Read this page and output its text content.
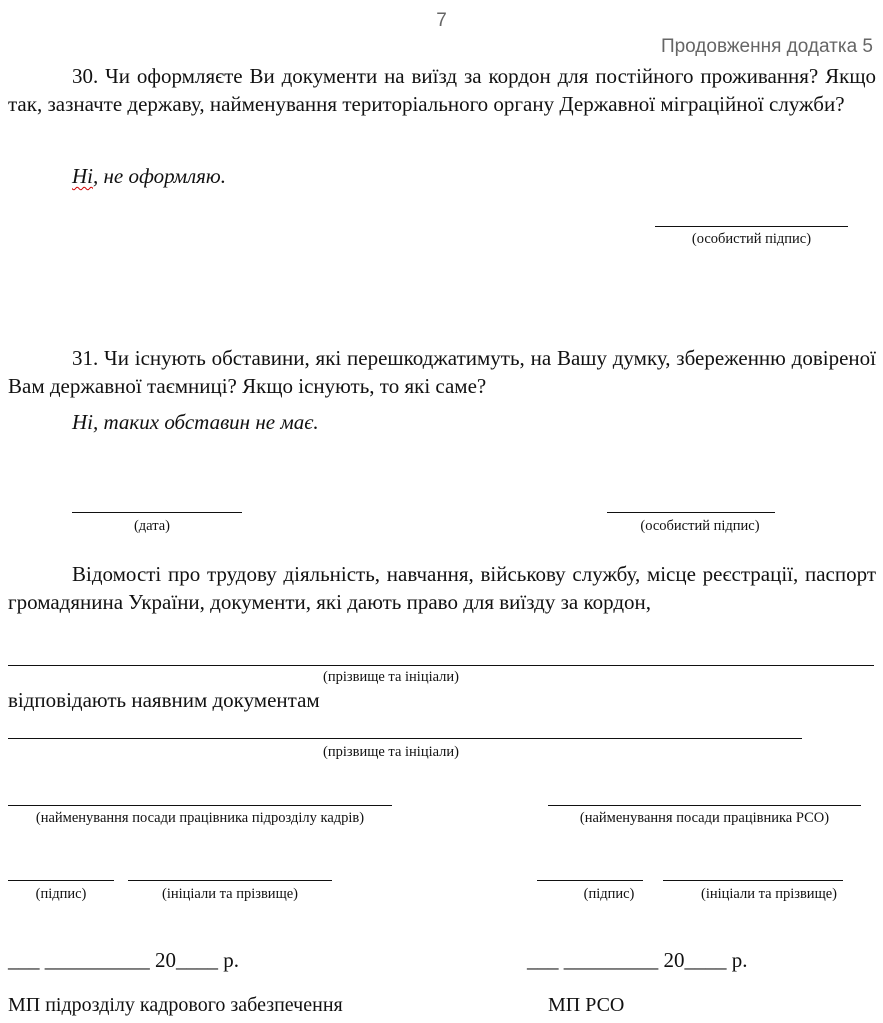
7
Продовження додатка 5

30. Чи оформляєте Ви документи на виїзд за кордон для постійного проживання? Якщо так, зазначте державу, найменування територіального органу Державної міграційної служби?

Ні, не оформляю.
(особистий підпис)

31. Чи існують обставини, які перешкоджатимуть, на Вашу думку, збереженню довіреної Вам державної таємниці? Якщо існують, то які саме?

Ні, таких обставин не має.
(дата)	(особистий підпис)

Відомості про трудову діяльність, навчання, військову службу, місце реєстрації, паспорт громадянина України, документи, які дають право для виїзду за кордон,

(прізвище та ініціали)
відповідають наявним документам
(прізвище та ініціали)
(найменування посади працівника підрозділу кадрів)	(найменування посади працівника РСО)
(підпис)	(ініціали та прізвище)	(підпис)	(ініціали та прізвище)
___ __________ 20____ р.	___ _________ 20____ р.
МП підрозділу кадрового забезпечення	МП РСО
